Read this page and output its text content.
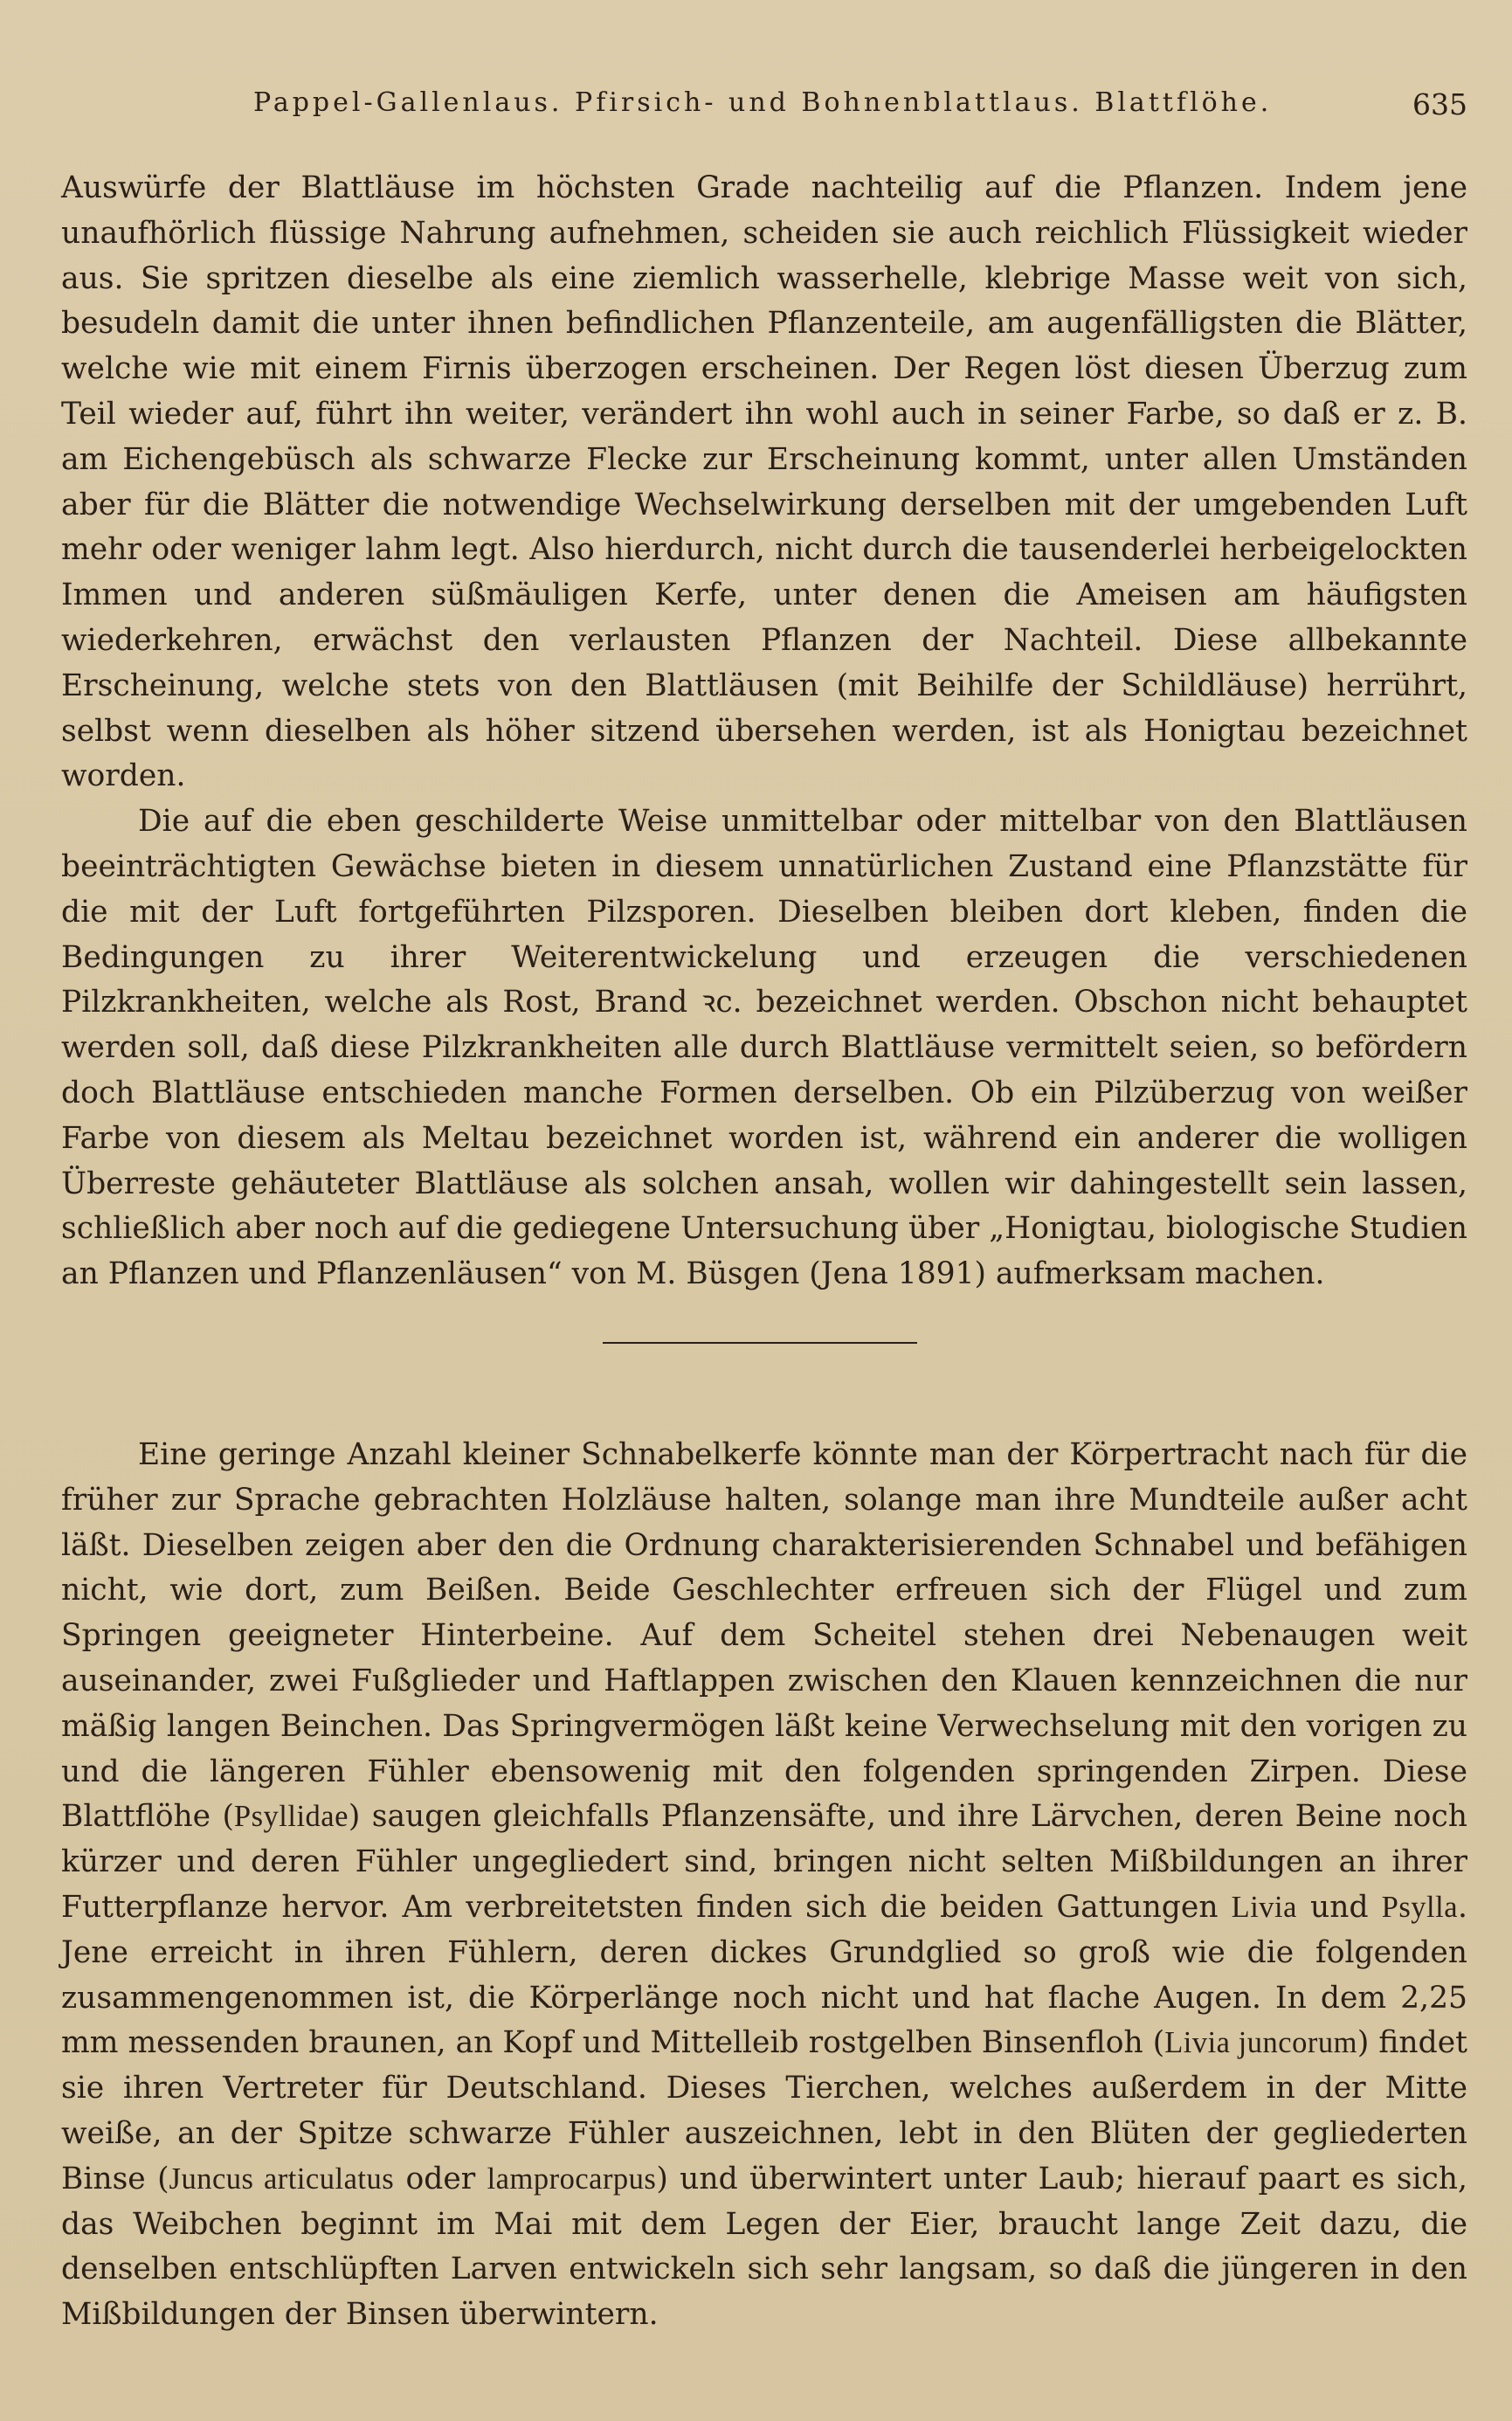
Pappel-Gallenlaus. Pfirsich- und Bohnenblattlaus. Blattflöhe.	635

Auswürfe der Blattläuse im höchsten Grade nachteilig auf die Pflanzen. Indem jene unaufhörlich flüssige Nahrung aufnehmen, scheiden sie auch reichlich Flüssigkeit wieder aus. Sie spritzen dieselbe als eine ziemlich wasserhelle, klebrige Masse weit von sich, besudeln damit die unter ihnen befindlichen Pflanzenteile, am augenfälligsten die Blätter, welche wie mit einem Firnis überzogen erscheinen. Der Regen löst diesen Überzug zum Teil wieder auf, führt ihn weiter, verändert ihn wohl auch in seiner Farbe, so daß er z. B. am Eichengebüsch als schwarze Flecke zur Erscheinung kommt, unter allen Umständen aber für die Blätter die notwendige Wechselwirkung derselben mit der umgebenden Luft mehr oder weniger lahm legt. Also hierdurch, nicht durch die tausenderlei herbeigelockten Immen und anderen süßmäuligen Kerfe, unter denen die Ameisen am häufigsten wiederkehren, erwächst den verlausten Pflanzen der Nachteil. Diese allbekannte Erscheinung, welche stets von den Blattläusen (mit Beihilfe der Schildläuse) herrührt, selbst wenn dieselben als höher sitzend übersehen werden, ist als Honigtau bezeichnet worden.

Die auf die eben geschilderte Weise unmittelbar oder mittelbar von den Blattläusen beeinträchtigten Gewächse bieten in diesem unnatürlichen Zustand eine Pflanzstätte für die mit der Luft fortgeführten Pilzsporen. Dieselben bleiben dort kleben, finden die Bedingungen zu ihrer Weiterentwickelung und erzeugen die verschiedenen Pilzkrankheiten, welche als Rost, Brand ꝛc. bezeichnet werden. Obschon nicht behauptet werden soll, daß diese Pilzkrankheiten alle durch Blattläuse vermittelt seien, so befördern doch Blattläuse entschieden manche Formen derselben. Ob ein Pilzüberzug von weißer Farbe von diesem als Meltau bezeichnet worden ist, während ein anderer die wolligen Überreste gehäuteter Blattläuse als solchen ansah, wollen wir dahingestellt sein lassen, schließlich aber noch auf die gediegene Untersuchung über „Honigtau, biologische Studien an Pflanzen und Pflanzenläusen“ von M. Büsgen (Jena 1891) aufmerksam machen.

Eine geringe Anzahl kleiner Schnabelkerfe könnte man der Körpertracht nach für die früher zur Sprache gebrachten Holzläuse halten, solange man ihre Mundteile außer acht läßt. Dieselben zeigen aber den die Ordnung charakterisierenden Schnabel und befähigen nicht, wie dort, zum Beißen. Beide Geschlechter erfreuen sich der Flügel und zum Springen geeigneter Hinterbeine. Auf dem Scheitel stehen drei Nebenaugen weit auseinander, zwei Fußglieder und Haftlappen zwischen den Klauen kennzeichnen die nur mäßig langen Beinchen. Das Springvermögen läßt keine Verwechselung mit den vorigen zu und die längeren Fühler ebensowenig mit den folgenden springenden Zirpen. Diese Blattflöhe (Psyllidae) saugen gleichfalls Pflanzensäfte, und ihre Lärvchen, deren Beine noch kürzer und deren Fühler ungegliedert sind, bringen nicht selten Mißbildungen an ihrer Futterpflanze hervor. Am verbreitetsten finden sich die beiden Gattungen Livia und Psylla. Jene erreicht in ihren Fühlern, deren dickes Grundglied so groß wie die folgenden zusammengenommen ist, die Körperlänge noch nicht und hat flache Augen. In dem 2,25 mm messenden braunen, an Kopf und Mittelleib rostgelben Binsenfloh (Livia juncorum) findet sie ihren Vertreter für Deutschland. Dieses Tierchen, welches außerdem in der Mitte weiße, an der Spitze schwarze Fühler auszeichnen, lebt in den Blüten der gegliederten Binse (Juncus articulatus oder lamprocarpus) und überwintert unter Laub; hierauf paart es sich, das Weibchen beginnt im Mai mit dem Legen der Eier, braucht lange Zeit dazu, die denselben entschlüpften Larven entwickeln sich sehr langsam, so daß die jüngeren in den Mißbildungen der Binsen überwintern.
